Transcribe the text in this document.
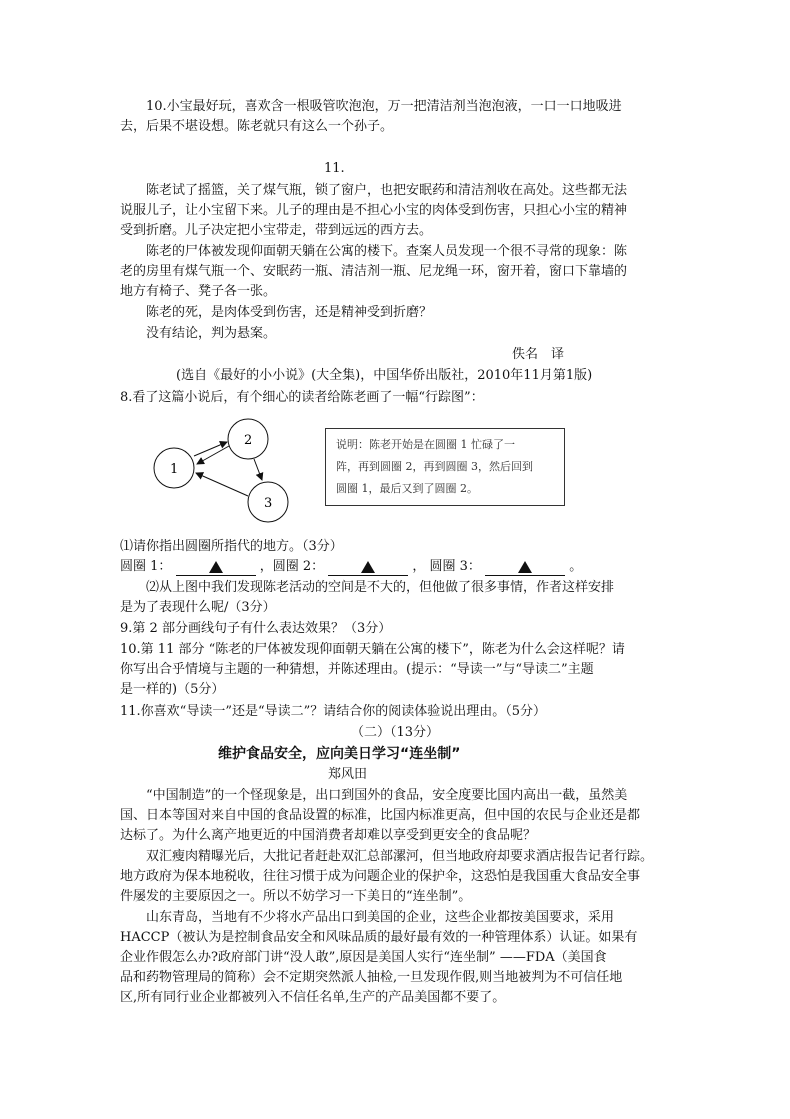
10.小宝最好玩，喜欢含一根吸管吹泡泡，万一把清洁剂当泡泡液，一口一口地吸进
去，后果不堪设想。陈老就只有这么一个孙子。
11.
陈老试了摇篮，关了煤气瓶，锁了窗户，也把安眠药和清洁剂收在高处。这些都无法
说服儿子，让小宝留下来。儿子的理由是不担心小宝的肉体受到伤害，只担心小宝的精神
受到折磨。儿子决定把小宝带走，带到远远的西方去。
陈老的尸体被发现仰面朝天躺在公寓的楼下。查案人员发现一个很不寻常的现象：陈
老的房里有煤气瓶一个、安眠药一瓶、清洁剂一瓶、尼龙绳一环，窗开着，窗口下靠墙的
地方有椅子、凳子各一张。
陈老的死，是肉体受到伤害，还是精神受到折磨？
没有结论，判为悬案。
佚名　译
(选自《最好的小小说》(大全集)，中国华侨出版社，2010年11月第1版)
8.看了这篇小说后，有个细心的读者给陈老画了一幅“行踪图”：
1
2
3
说明：陈老开始是在圆圈 1 忙碌了一
阵，再到圆圈 2，再到圆圈 3，然后回到
圆圈 1，最后又到了圆圈 2。
⑴请你指出圆圈所指代的地方。（3分）
圆圈 1：	，圆圈 2：	， 圆圈 3：	。
⑵从上图中我们发现陈老活动的空间是不大的，但他做了很多事情，作者这样安排
是为了表现什么呢/（3分）
9.第 2 部分画线句子有什么表达效果？（3分）
10.第 11 部分 “陈老的尸体被发现仰面朝天躺在公寓的楼下”，陈老为什么会这样呢？请
你写出合乎情境与主题的一种猜想，并陈述理由。(提示：“导读一”与“导读二”主题
是一样的)（5分）
11.你喜欢“导读一”还是“导读二”？请结合你的阅读体验说出理由。（5分）
（二）（13分）
维护食品安全，应向美日学习“连坐制”
郑风田
“中国制造”的一个怪现象是，出口到国外的食品，安全度要比国内高出一截，虽然美
国、日本等国对来自中国的食品设置的标准，比国内标准更高，但中国的农民与企业还是都
达标了。为什么离产地更近的中国消费者却难以享受到更安全的食品呢？
双汇瘦肉精曝光后，大批记者赶赴双汇总部漯河，但当地政府却要求酒店报告记者行踪。
地方政府为保本地税收，往往习惯于成为问题企业的保护伞，这恐怕是我国重大食品安全事
件屡发的主要原因之一。所以不妨学习一下美日的“连坐制”。
山东青岛，当地有不少将水产品出口到美国的企业，这些企业都按美国要求，采用
HACCP（被认为是控制食品安全和风味品质的最好最有效的一种管理体系）认证。如果有
企业作假怎么办?政府部门讲“没人敢”,原因是美国人实行“连坐制” ——FDA（美国食
品和药物管理局的简称）会不定期突然派人抽检,一旦发现作假,则当地被判为不可信任地
区,所有同行业企业都被列入不信任名单,生产的产品美国都不要了。
